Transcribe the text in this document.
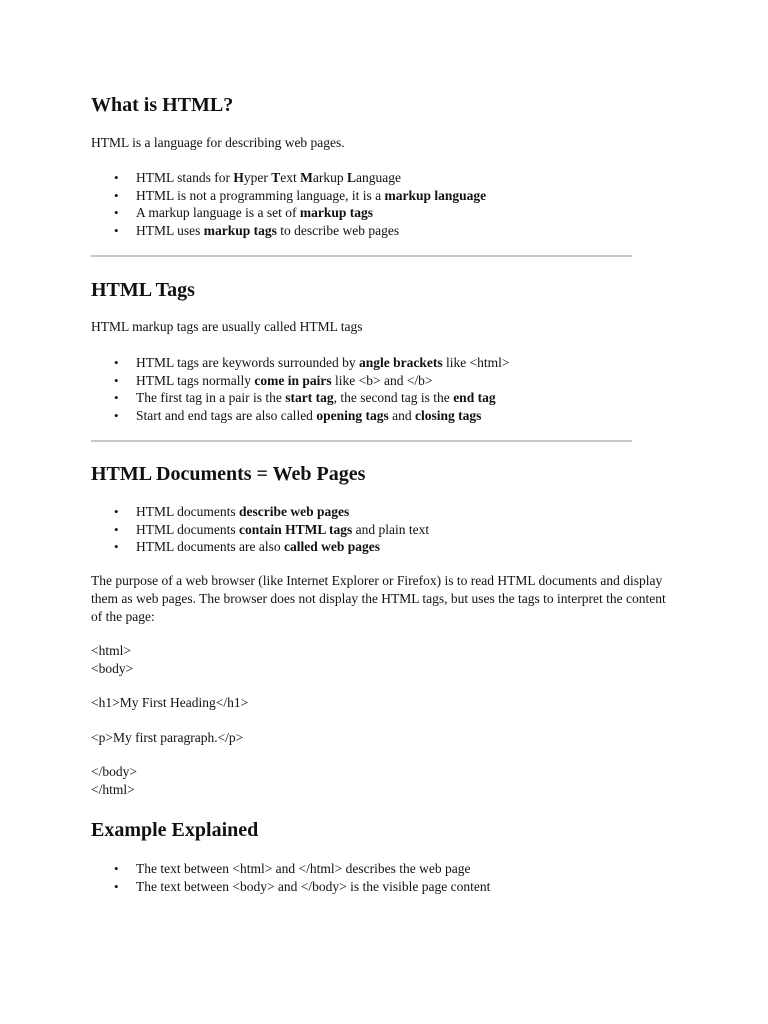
What is HTML?

HTML is a language for describing web pages.

• HTML stands for Hyper Text Markup Language
• HTML is not a programming language, it is a markup language
• A markup language is a set of markup tags
• HTML uses markup tags to describe web pages
HTML Tags

HTML markup tags are usually called HTML tags

• HTML tags are keywords surrounded by angle brackets like <html>
• HTML tags normally come in pairs like <b> and </b>
• The first tag in a pair is the start tag, the second tag is the end tag
• Start and end tags are also called opening tags and closing tags
HTML Documents = Web Pages
• HTML documents describe web pages
• HTML documents contain HTML tags and plain text
• HTML documents are also called web pages

The purpose of a web browser (like Internet Explorer or Firefox) is to read HTML documents and display them as web pages. The browser does not display the HTML tags, but uses the tags to interpret the content of the page:

<html>

<body>

<h1>My First Heading</h1>

<p>My first paragraph.</p>

</body>

</html>

Example Explained
• The text between <html> and </html> describes the web page
• The text between <body> and </body> is the visible page content
